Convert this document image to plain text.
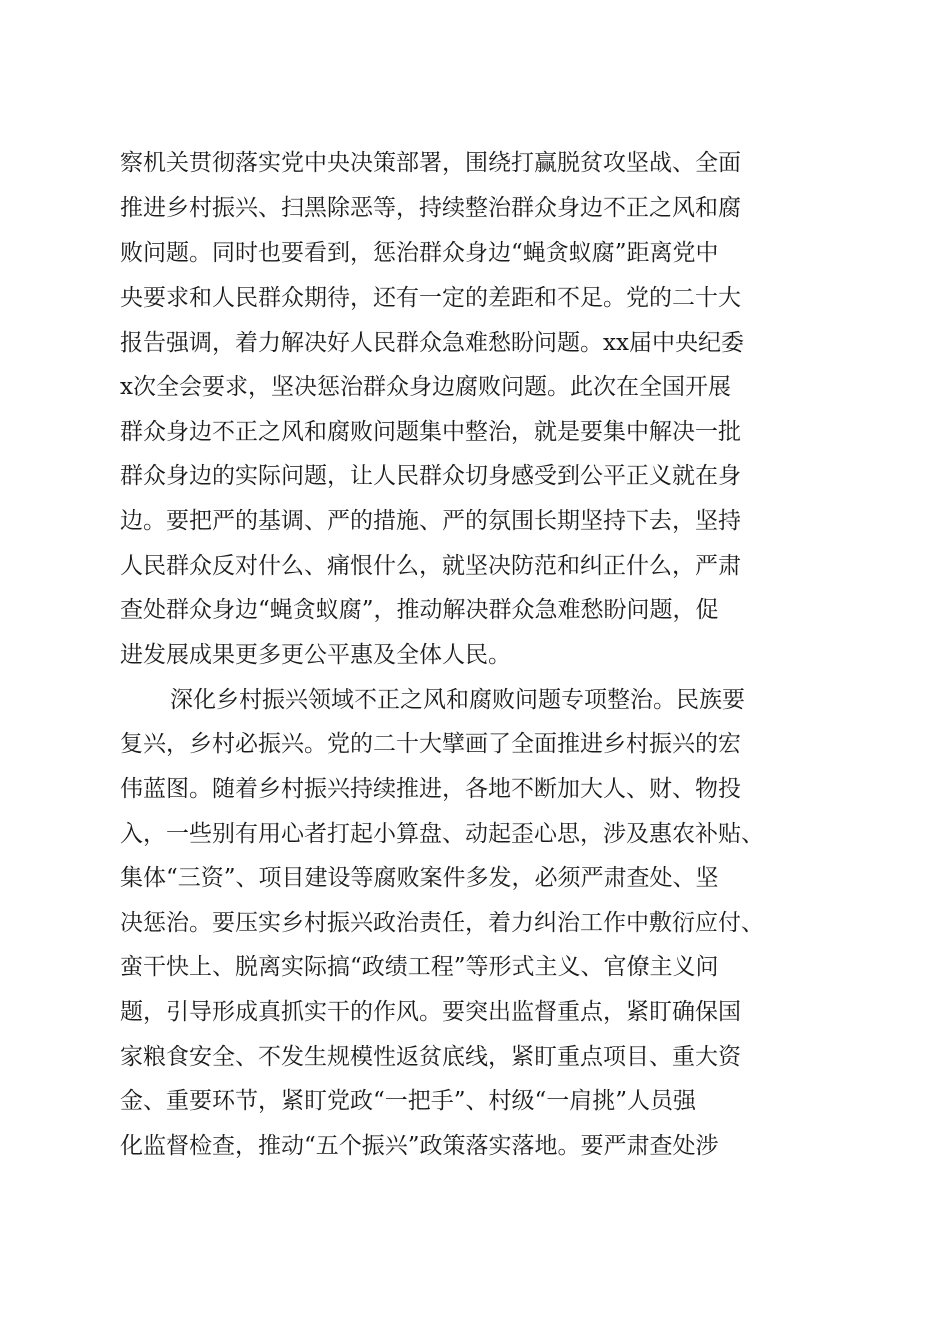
察机关贯彻落实党中央决策部署，围绕打赢脱贫攻坚战、全面
推进乡村振兴、扫黑除恶等，持续整治群众身边不正之风和腐
败问题。同时也要看到，惩治群众身边“蝇贪蚁腐”距离党中
央要求和人民群众期待，还有一定的差距和不足。党的二十大
报告强调，着力解决好人民群众急难愁盼问题。xx届中央纪委
x次全会要求，坚决惩治群众身边腐败问题。此次在全国开展
群众身边不正之风和腐败问题集中整治，就是要集中解决一批
群众身边的实际问题，让人民群众切身感受到公平正义就在身
边。要把严的基调、严的措施、严的氛围长期坚持下去，坚持
人民群众反对什么、痛恨什么，就坚决防范和纠正什么，严肃
查处群众身边“蝇贪蚁腐”，推动解决群众急难愁盼问题，促
进发展成果更多更公平惠及全体人民。
深化乡村振兴领域不正之风和腐败问题专项整治。民族要
复兴，乡村必振兴。党的二十大擘画了全面推进乡村振兴的宏
伟蓝图。随着乡村振兴持续推进，各地不断加大人、财、物投
入，一些别有用心者打起小算盘、动起歪心思，涉及惠农补贴、
集体“三资”、项目建设等腐败案件多发，必须严肃查处、坚
决惩治。要压实乡村振兴政治责任，着力纠治工作中敷衍应付、
蛮干快上、脱离实际搞“政绩工程”等形式主义、官僚主义问
题，引导形成真抓实干的作风。要突出监督重点，紧盯确保国
家粮食安全、不发生规模性返贫底线，紧盯重点项目、重大资
金、重要环节，紧盯党政“一把手”、村级“一肩挑”人员强
化监督检查，推动“五个振兴”政策落实落地。要严肃查处涉
